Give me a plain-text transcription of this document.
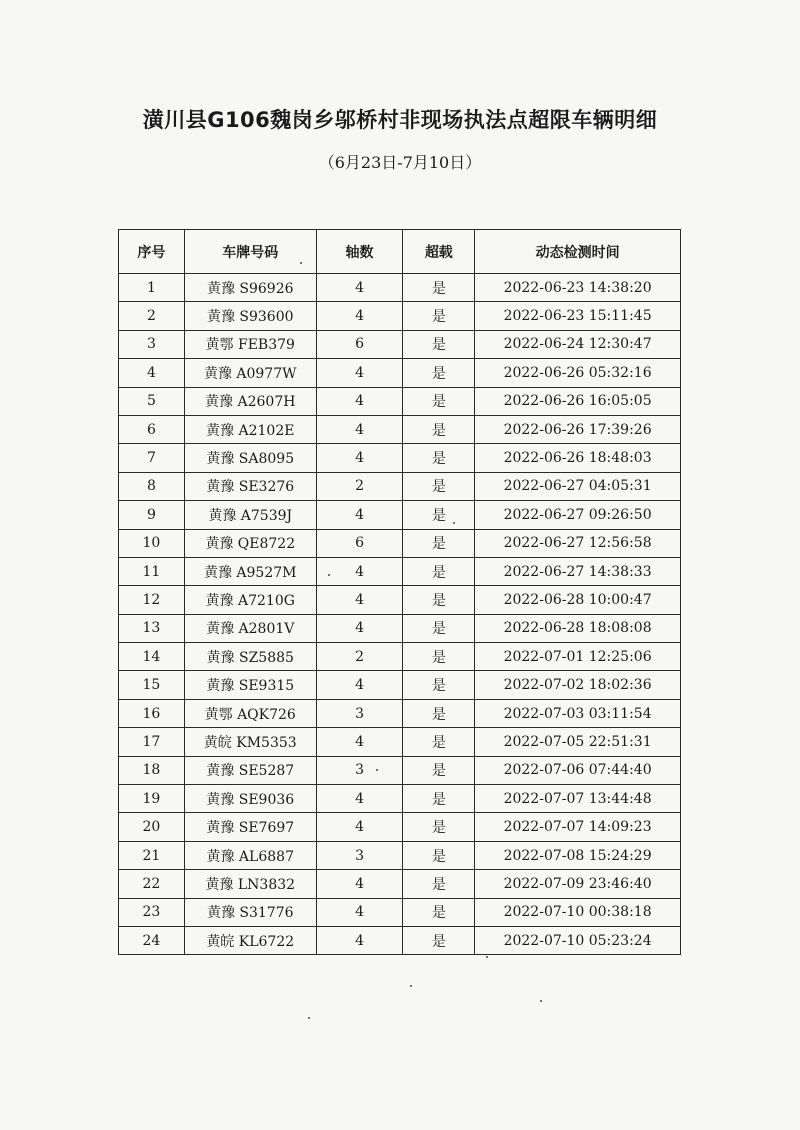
潢川县G106魏岗乡邬桥村非现场执法点超限车辆明细
（6月23日-7月10日）
序号	车牌号码	轴数	超载	动态检测时间
1	黄豫 S96926	4	是	2022-06-23 14:38:20
2	黄豫 S93600	4	是	2022-06-23 15:11:45
3	黄鄂 FEB379	6	是	2022-06-24 12:30:47
4	黄豫 A0977W	4	是	2022-06-26 05:32:16
5	黄豫 A2607H	4	是	2022-06-26 16:05:05
6	黄豫 A2102E	4	是	2022-06-26 17:39:26
7	黄豫 SA8095	4	是	2022-06-26 18:48:03
8	黄豫 SE3276	2	是	2022-06-27 04:05:31
9	黄豫 A7539J	4	是	2022-06-27 09:26:50
10	黄豫 QE8722	6	是	2022-06-27 12:56:58
11	黄豫 A9527M	4	是	2022-06-27 14:38:33
12	黄豫 A7210G	4	是	2022-06-28 10:00:47
13	黄豫 A2801V	4	是	2022-06-28 18:08:08
14	黄豫 SZ5885	2	是	2022-07-01 12:25:06
15	黄豫 SE9315	4	是	2022-07-02 18:02:36
16	黄鄂 AQK726	3	是	2022-07-03 03:11:54
17	黄皖 KM5353	4	是	2022-07-05 22:51:31
18	黄豫 SE5287	3	是	2022-07-06 07:44:40
19	黄豫 SE9036	4	是	2022-07-07 13:44:48
20	黄豫 SE7697	4	是	2022-07-07 14:09:23
21	黄豫 AL6887	3	是	2022-07-08 15:24:29
22	黄豫 LN3832	4	是	2022-07-09 23:46:40
23	黄豫 S31776	4	是	2022-07-10 00:38:18
24	黄皖 KL6722	4	是	2022-07-10 05:23:24
